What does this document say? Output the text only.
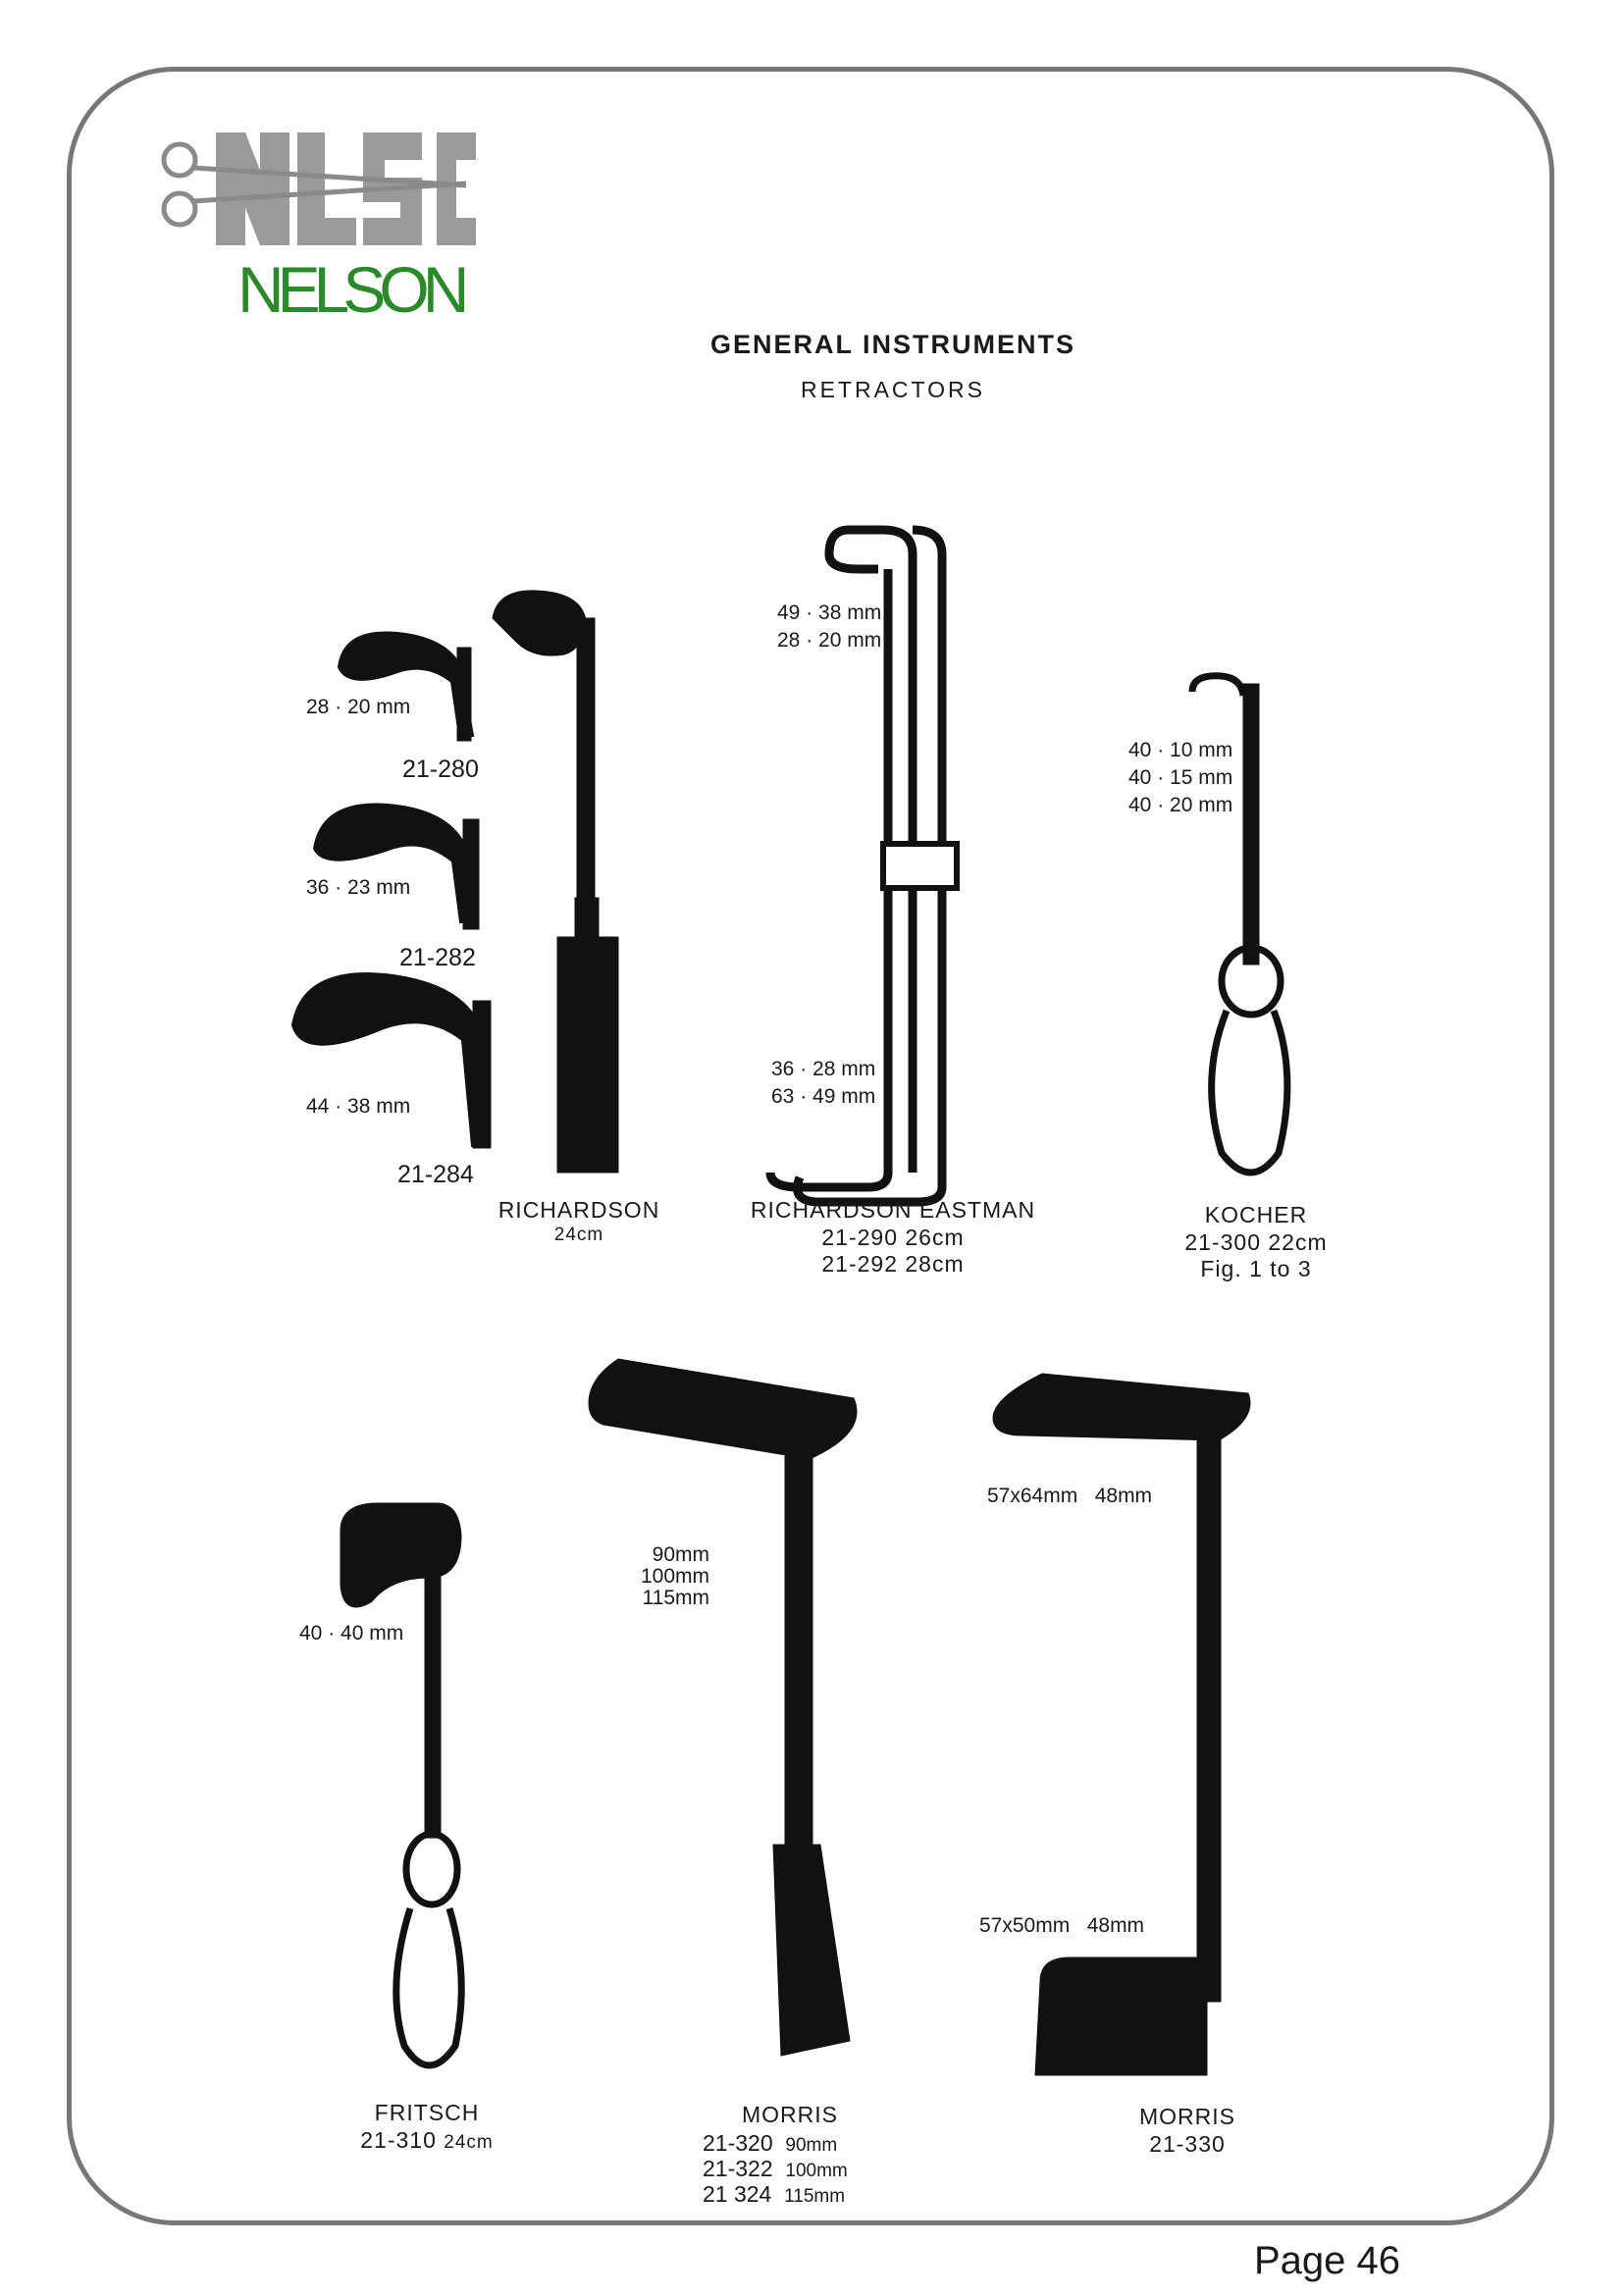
NELSON
GENERAL INSTRUMENTS
RETRACTORS
28 · 20 mm
21-280
36 · 23 mm
21-282
44 · 38 mm
21-284
RICHARDSON
24cm
49 · 38 mm
28 · 20 mm
36 · 28 mm
63 · 49 mm
RICHARDSON EASTMAN
21-290 26cm
21-292 28cm
40 · 10 mm
40 · 15 mm
40 · 20 mm
KOCHER
21-300 22cm
Fig. 1 to 3
40 · 40 mm
FRITSCH
21-310 24cm
90mm
100mm
115mm
MORRIS
21-320 90mm
21-322 100mm
21 324 115mm
57x64mm   48mm
57x50mm   48mm
MORRIS
21-330
Page 46
